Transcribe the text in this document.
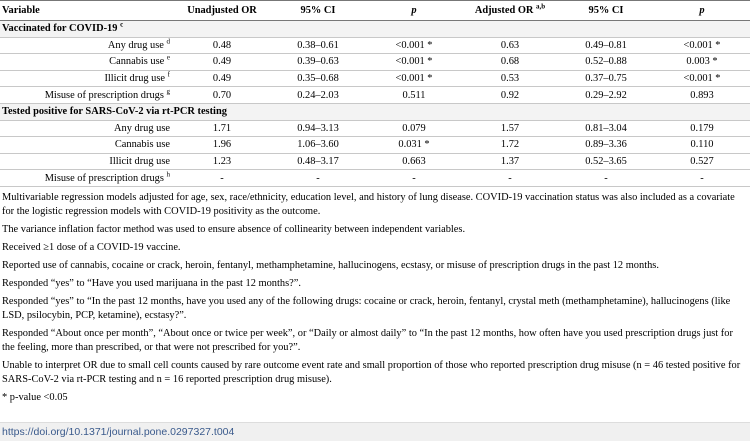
Variable	Unadjusted OR	95% CI	p	Adjusted OR $^{a,b}$	95% CI	p
Vaccinated for COVID-19 $^c$
Any drug use $^d$	0.48	0.38–0.61	<0.001 *	0.63	0.49–0.81	<0.001 *
Cannabis use $^e$	0.49	0.39–0.63	<0.001 *	0.68	0.52–0.88	0.003 *
Illicit drug use $^f$	0.49	0.35–0.68	<0.001 *	0.53	0.37–0.75	<0.001 *
Misuse of prescription drugs $^g$	0.70	0.24–2.03	0.511	0.92	0.29–2.92	0.893
Tested positive for SARS-CoV-2 via rt-PCR testing						
Any drug use	1.71	0.94–3.13	0.079	1.57	0.81–3.04	0.179
Cannabis use	1.96	1.06–3.60	0.031 *	1.72	0.89–3.36	0.110
Illicit drug use	1.23	0.48–3.17	0.663	1.37	0.52–3.65	0.527
Misuse of prescription drugs $^h$	-	-	-	-	-	-

Multivariable regression models adjusted for age, sex, race/ethnicity, education level, and history of lung disease. COVID-19 vaccination status was also included as a covariate for the logistic regression models with COVID-19 positivity as the outcome.

The variance inflation factor method was used to ensure absence of collinearity between independent variables.

Received ≥1 dose of a COVID-19 vaccine.

Reported use of cannabis, cocaine or crack, heroin, fentanyl, methamphetamine, hallucinogens, ecstasy, or misuse of prescription drugs in the past 12 months.

Responded “yes” to “Have you used marijuana in the past 12 months?”.

Responded “yes” to “In the past 12 months, have you used any of the following drugs: cocaine or crack, heroin, fentanyl, crystal meth (methamphetamine), hallucinogens (like LSD, psilocybin, PCP, ketamine), ecstasy?”.

Responded “About once per month”, “About once or twice per week”, or “Daily or almost daily” to “In the past 12 months, how often have you used prescription drugs just for the feeling, more than prescribed, or that were not prescribed for you?”.

Unable to interpret OR due to small cell counts caused by rare outcome event rate and small proportion of those who reported prescription drug misuse (n = 46 tested positive for SARS-CoV-2 via rt-PCR testing and n = 16 reported prescription drug misuse).

* p-value <0.05

https://doi.org/10.1371/journal.pone.0297327.t004
